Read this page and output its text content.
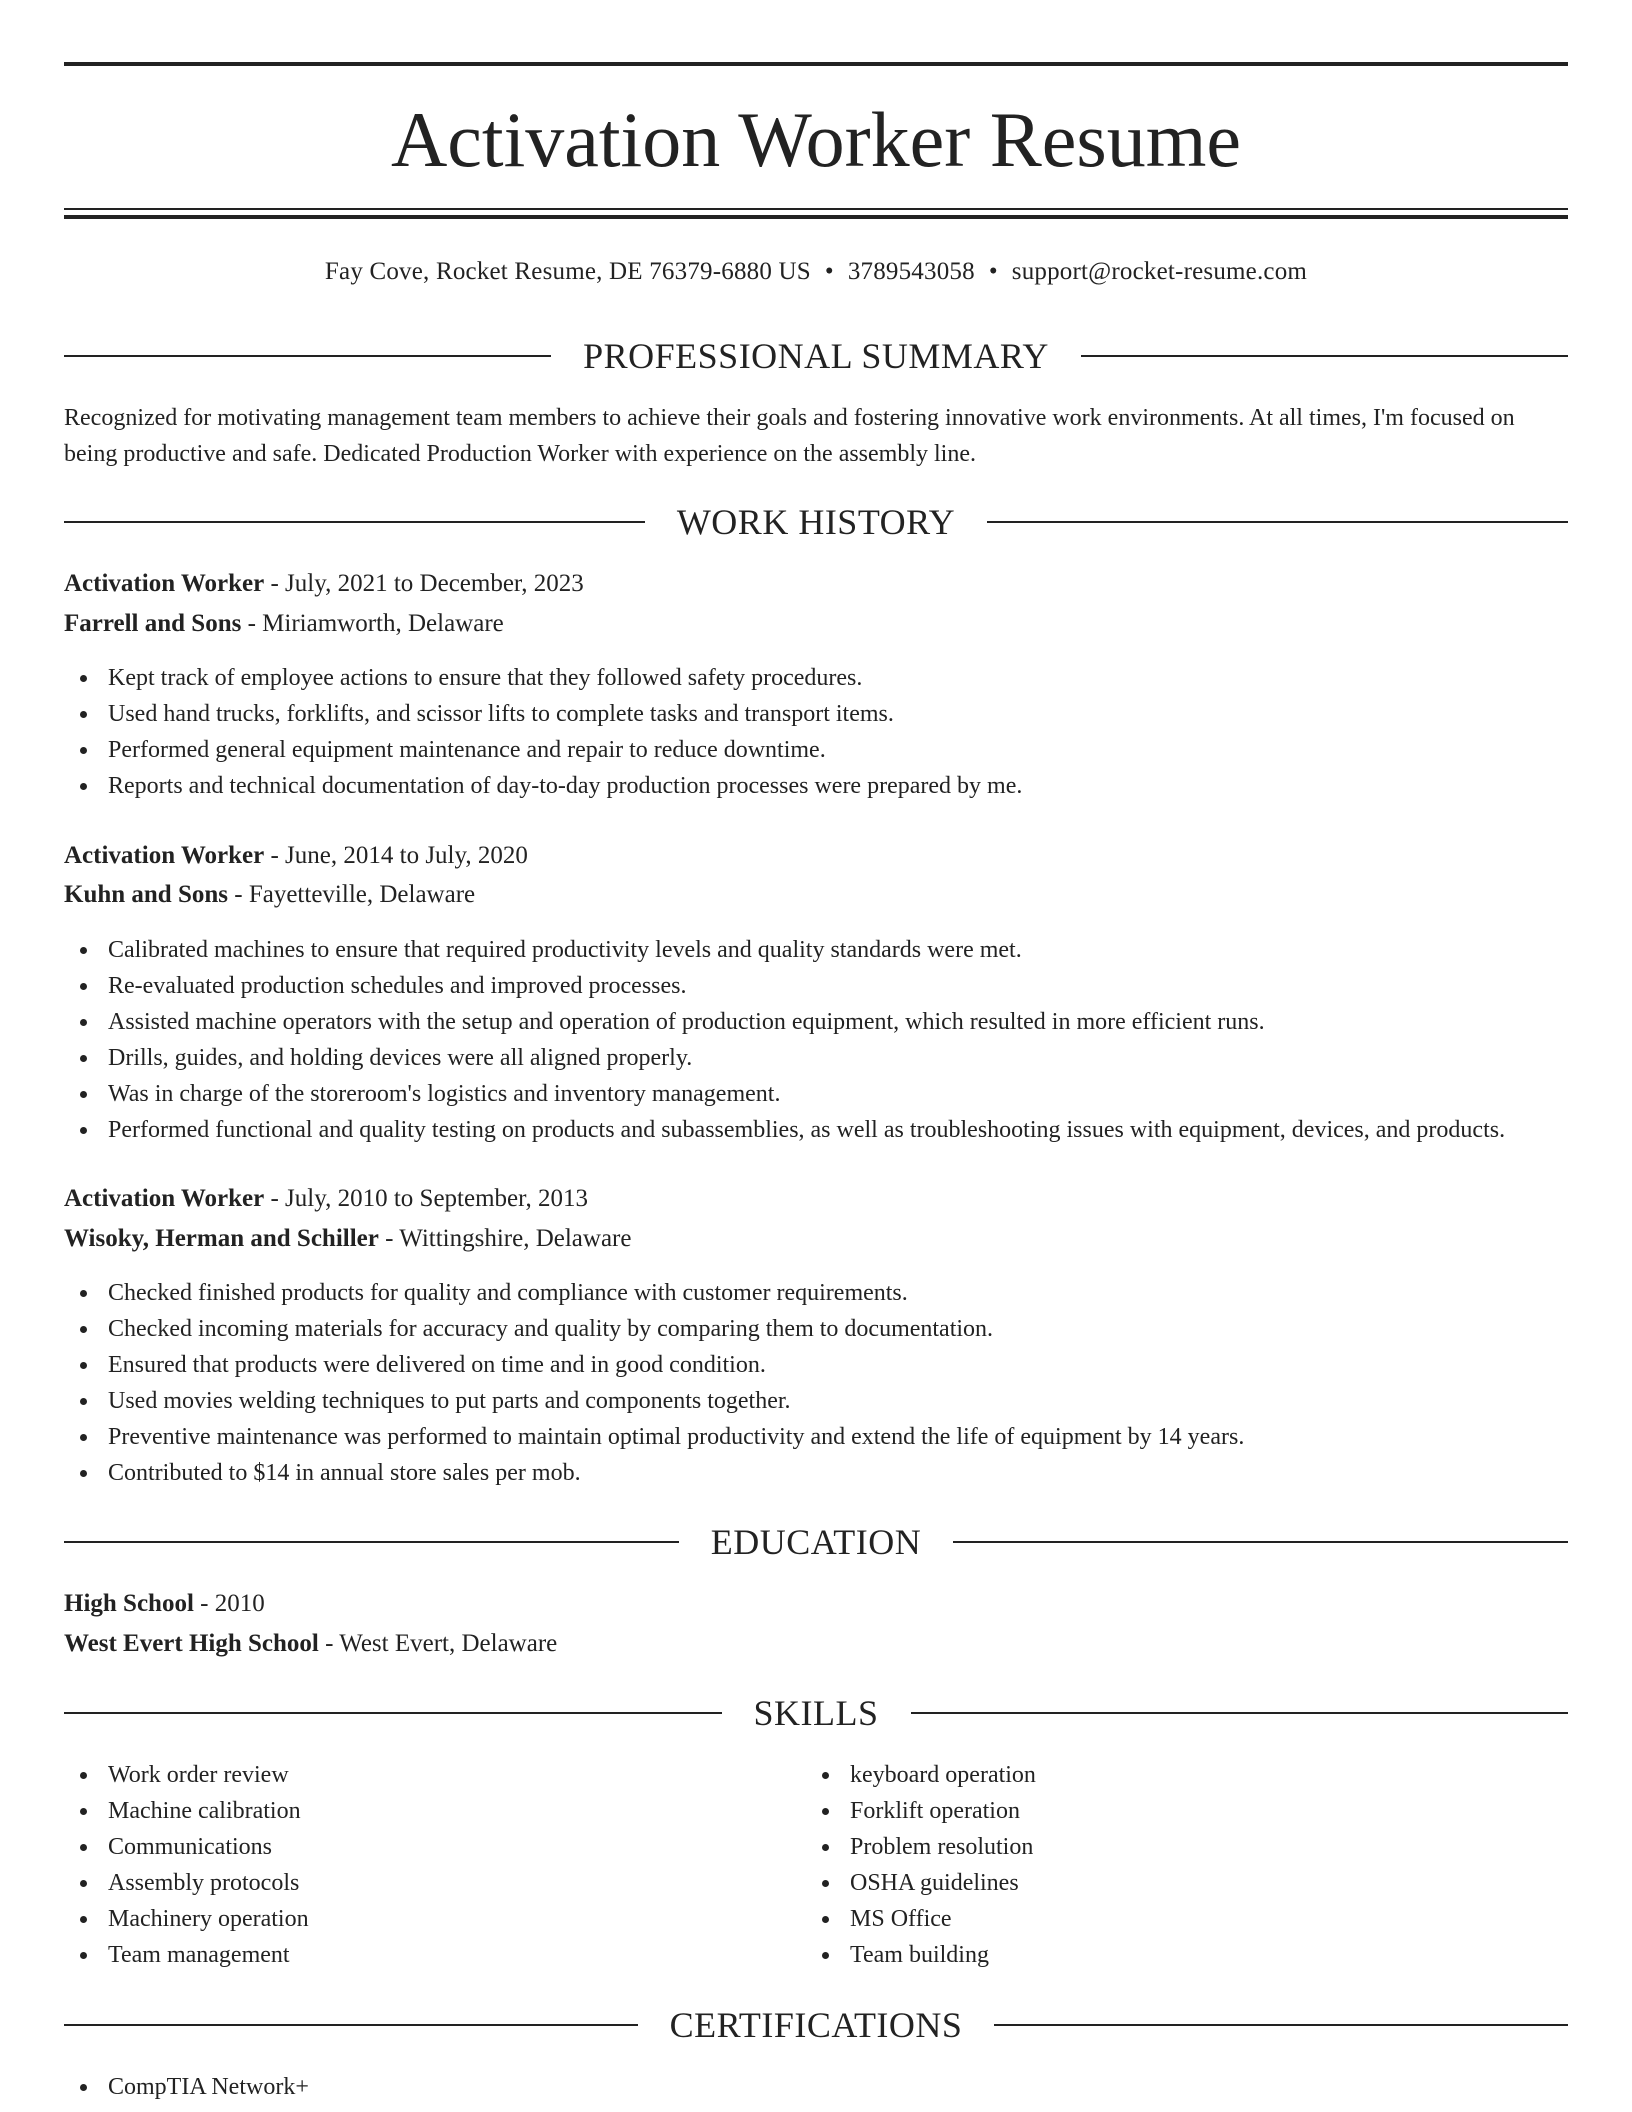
Activation Worker Resume
Fay Cove, Rocket Resume, DE 76379-6880 US • 3789543058 • support@rocket-resume.com
PROFESSIONAL SUMMARY

Recognized for motivating management team members to achieve their goals and fostering innovative work environments. At all times, I'm focused on being productive and safe. Dedicated Production Worker with experience on the assembly line.

WORK HISTORY
Activation Worker - July, 2021 to December, 2023
Farrell and Sons - Miriamworth, Delaware
Kept track of employee actions to ensure that they followed safety procedures.
Used hand trucks, forklifts, and scissor lifts to complete tasks and transport items.
Performed general equipment maintenance and repair to reduce downtime.
Reports and technical documentation of day-to-day production processes were prepared by me.
Activation Worker - June, 2014 to July, 2020
Kuhn and Sons - Fayetteville, Delaware
Calibrated machines to ensure that required productivity levels and quality standards were met.
Re-evaluated production schedules and improved processes.
Assisted machine operators with the setup and operation of production equipment, which resulted in more efficient runs.
Drills, guides, and holding devices were all aligned properly.
Was in charge of the storeroom's logistics and inventory management.
Performed functional and quality testing on products and subassemblies, as well as troubleshooting issues with equipment, devices, and products.
Activation Worker - July, 2010 to September, 2013
Wisoky, Herman and Schiller - Wittingshire, Delaware
Checked finished products for quality and compliance with customer requirements.
Checked incoming materials for accuracy and quality by comparing them to documentation.
Ensured that products were delivered on time and in good condition.
Used movies welding techniques to put parts and components together.
Preventive maintenance was performed to maintain optimal productivity and extend the life of equipment by 14 years.
Contributed to $14 in annual store sales per mob.
EDUCATION
High School - 2010
West Evert High School - West Evert, Delaware
SKILLS
Work order review
Machine calibration
Communications
Assembly protocols
Machinery operation
Team management
keyboard operation
Forklift operation
Problem resolution
OSHA guidelines
MS Office
Team building
CERTIFICATIONS
CompTIA Network+
